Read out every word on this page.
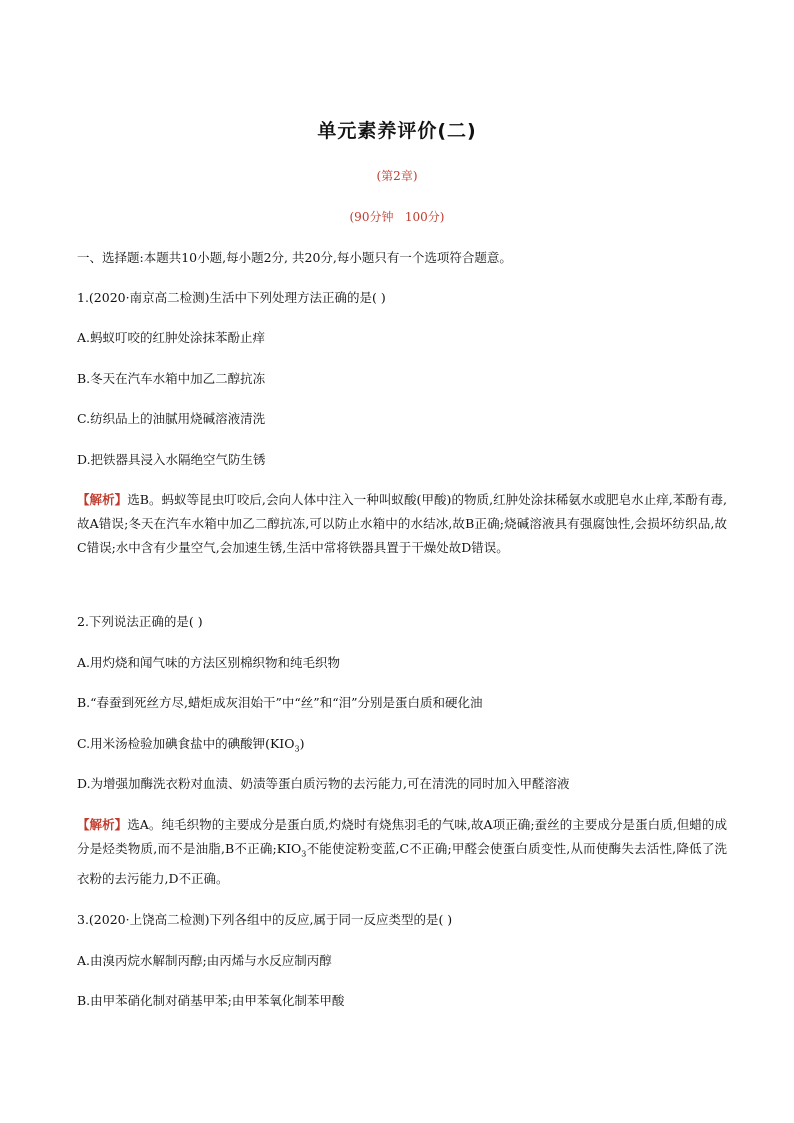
单元素养评价(二)
(第2章)
(90分钟   100分)
一、选择题:本题共10小题,每小题2分, 共20分,每小题只有一个选项符合题意。
1.(2020·南京高二检测)生活中下列处理方法正确的是( )
A.蚂蚁叮咬的红肿处涂抹苯酚止痒
B.冬天在汽车水箱中加乙二醇抗冻
C.纺织品上的油腻用烧碱溶液清洗
D.把铁器具浸入水隔绝空气防生锈
【解析】选B。蚂蚁等昆虫叮咬后,会向人体中注入一种叫蚁酸(甲酸)的物质,红肿处涂抹稀氨水或肥皂水止痒,苯酚有毒,故A错误;冬天在汽车水箱中加乙二醇抗冻,可以防止水箱中的水结冰,故B正确;烧碱溶液具有强腐蚀性,会损坏纺织品,故C错误;水中含有少量空气,会加速生锈,生活中常将铁器具置于干燥处故D错误。
2.下列说法正确的是( )
A.用灼烧和闻气味的方法区别棉织物和纯毛织物
B.“春蚕到死丝方尽,蜡炬成灰泪始干”中“丝”和“泪”分别是蛋白质和硬化油
C.用米汤检验加碘食盐中的碘酸钾$(KIO_3)$
D.为增强加酶洗衣粉对血渍、奶渍等蛋白质污物的去污能力,可在清洗的同时加入甲醛溶液
【解析】选A。纯毛织物的主要成分是蛋白质,灼烧时有烧焦羽毛的气味,故A项正确;蚕丝的主要成分是蛋白质,但蜡的成分是烃类物质,而不是油脂,B不正确$;KIO_3$不能使淀粉变蓝,C不正确;甲醛会使蛋白质变性,从而使酶失去活性,降低了洗衣粉的去污能力,D不正确。
3.(2020·上饶高二检测)下列各组中的反应,属于同一反应类型的是( )
A.由溴丙烷水解制丙醇;由丙烯与水反应制丙醇
B.由甲苯硝化制对硝基甲苯;由甲苯氧化制苯甲酸
